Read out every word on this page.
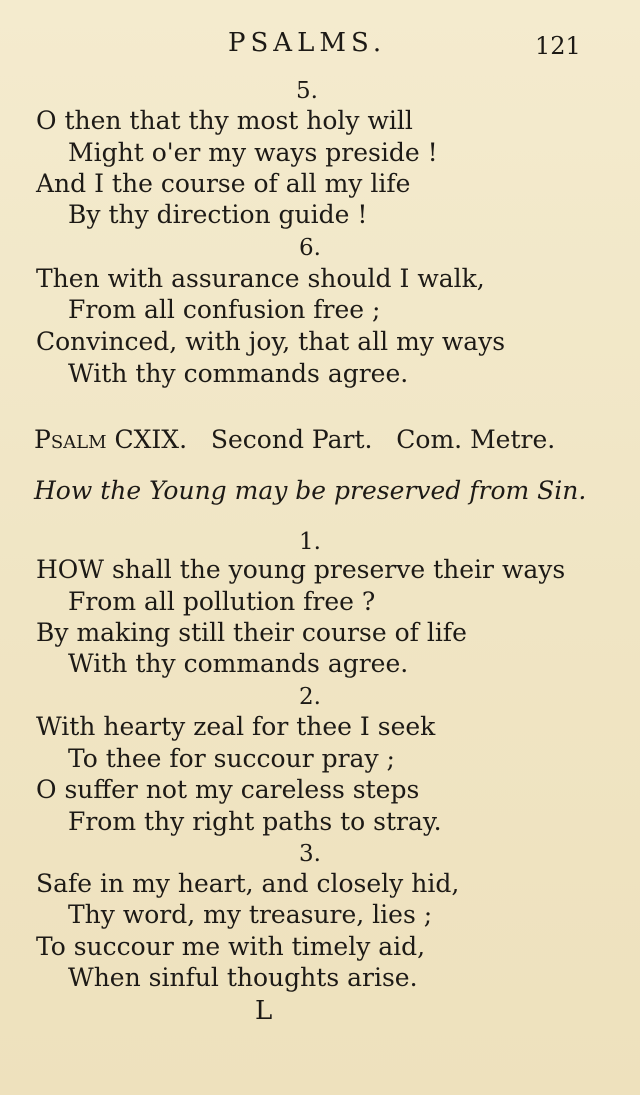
PSALMS.	121
5.
O then that thy most holy will
Might o'er my ways preside !
And I the course of all my life
By thy direction guide !
6.
Then with assurance should I walk,
From all confusion free ;
Convinced, with joy, that all my ways
With thy commands agree.
Psalm CXIX.   Second Part.   Com. Metre.
How the Young may be preserved from Sin.
1.
HOW shall the young preserve their ways
From all pollution free ?
By making still their course of life
With thy commands agree.
2.
With hearty zeal for thee I seek
To thee for succour pray ;
O suffer not my careless steps
From thy right paths to stray.
3.
Safe in my heart, and closely hid,
Thy word, my treasure, lies ;
To succour me with timely aid,
When sinful thoughts arise.
L
